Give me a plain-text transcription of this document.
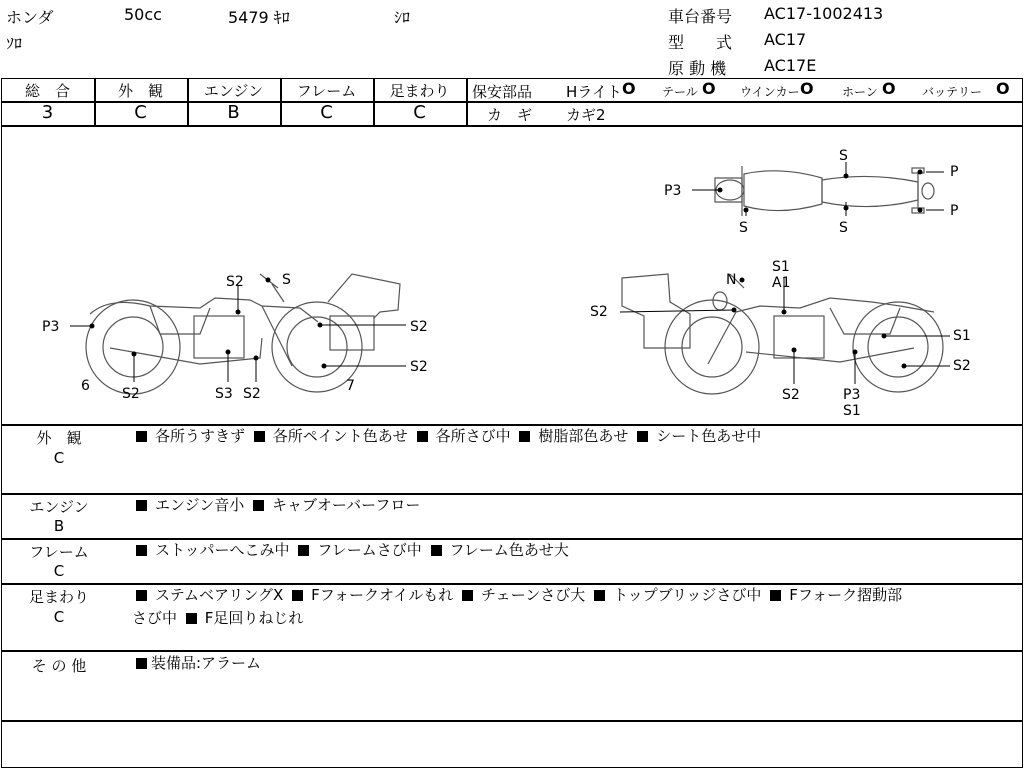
ホンダ	50cc	5479 ｷﾛ	ｼﾛ
ｿﾛ
車台番号 AC17-1002413
型　　式 AC17
原 動 機 AC17E
総　合
3
外　観
C
エンジン
B
フレーム
C
足まわり
C
保安部品 Hライト O テール O ウインカー O ホーン O バッテリー O
カ　ギ カギ2
S
P
P3
P
S	S
S2	S
P3	S2
S2
6 S2	S3 S2	7
N
S1
A1
S2
S1
S2
S2	P3
S1
外　観
C
各所うすきず 各所ペイント色あせ 各所さび中 樹脂部色あせ シート色あせ中
エンジン
B
エンジン音小 キャブオーバーフロー
フレーム
C
ストッパーへこみ中 フレームさび中 フレーム色あせ大
足まわり
C
ステムベアリングX Fフォークオイルもれ チェーンさび大 トップブリッジさび中 Fフォーク摺動部
さび中 F足回りねじれ
そ の 他	装備品:アラーム
